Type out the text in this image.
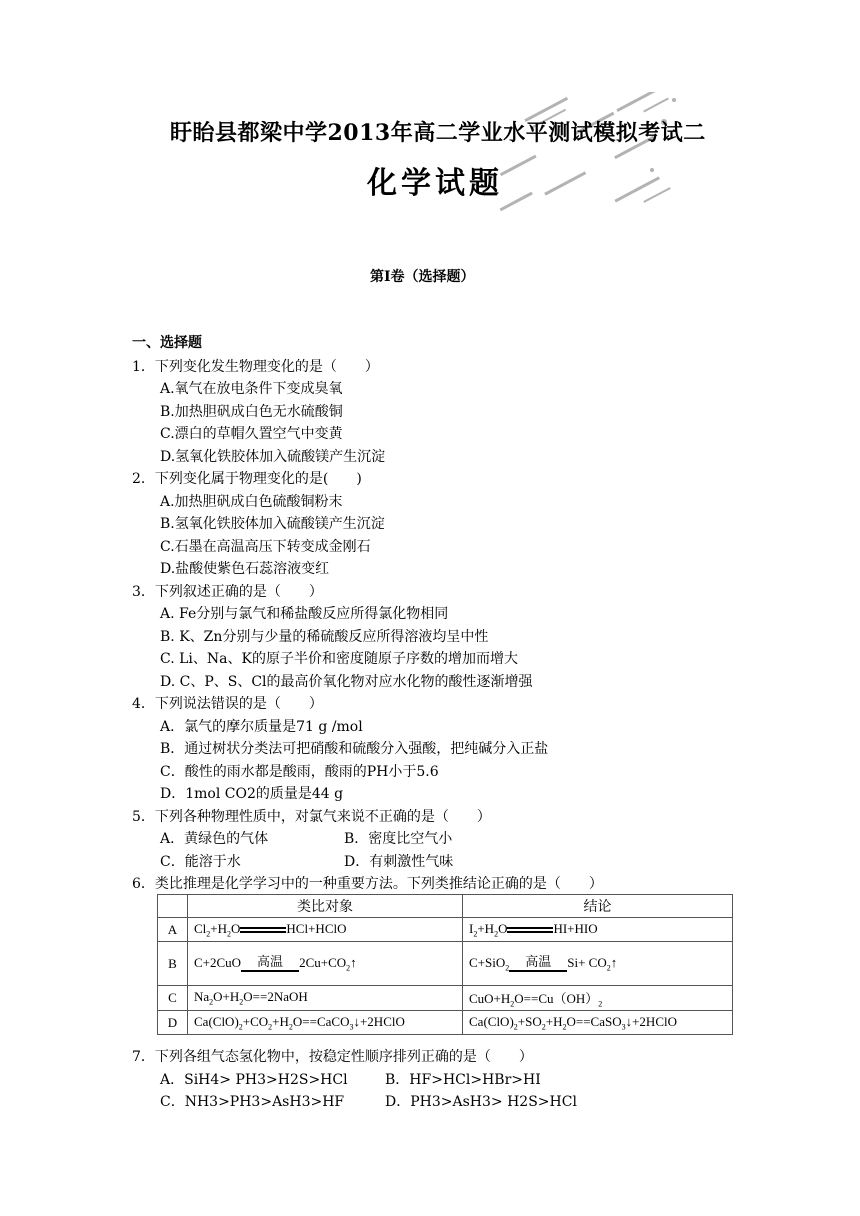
盱眙县都梁中学2013年高二学业水平测试模拟考试二
化学试题
第Ⅰ卷（选择题）
一、选择题
1．下列变化发生物理变化的是（　　）
A.氧气在放电条件下变成臭氧
B.加热胆矾成白色无水硫酸铜
C.漂白的草帽久置空气中变黄
D.氢氧化铁胶体加入硫酸镁产生沉淀
2．下列变化属于物理变化的是(　　)
A.加热胆矾成白色硫酸铜粉末
B.氢氧化铁胶体加入硫酸镁产生沉淀
C.石墨在高温高压下转变成金刚石
D.盐酸使紫色石蕊溶液变红
3．下列叙述正确的是（　　）
A. Fe分别与氯气和稀盐酸反应所得氯化物相同
B. K、Zn分别与少量的稀硫酸反应所得溶液均呈中性
C. Li、Na、K的原子半价和密度随原子序数的增加而增大
D. C、P、S、Cl的最高价氧化物对应水化物的酸性逐渐增强
4．下列说法错误的是（　　）
A．氯气的摩尔质量是71 g /mol
B．通过树状分类法可把硝酸和硫酸分入强酸，把纯碱分入正盐
C．酸性的雨水都是酸雨，酸雨的PH小于5.6
D．1mol CO2的质量是44 g
5．下列各种物理性质中，对氯气来说不正确的是（　　）
A．黄绿色的气体	B．密度比空气小
C．能溶于水	D．有刺激性气味
6．类比推理是化学学习中的一种重要方法。下列类推结论正确的是（　　）
	类比对象	结论
A	$Cl_2+H_2O$ HCl+HClO	$I_2+H_2O$ HI+HIO
B	C+2CuO 高温 $2Cu+CO_2↑$	C+SiO$_2$ 高温 $Si+ CO_2↑$
C	$Na_2O+H_2O==2NaOH$	$CuO+H_2O==Cu(OH)_2$
D	$Ca(ClO)_2+CO_2+H_2O==CaCO_3↓+2HClO$	$Ca(ClO)_2+SO_2+H_2O==CaSO_3↓+2HClO$
7．下列各组气态氢化物中，按稳定性顺序排列正确的是（　　）
A．SiH4> PH3>H2S>HCl	B．HF>HCl>HBr>HI
C．NH3>PH3>AsH3>HF	D．PH3>AsH3> H2S>HCl
